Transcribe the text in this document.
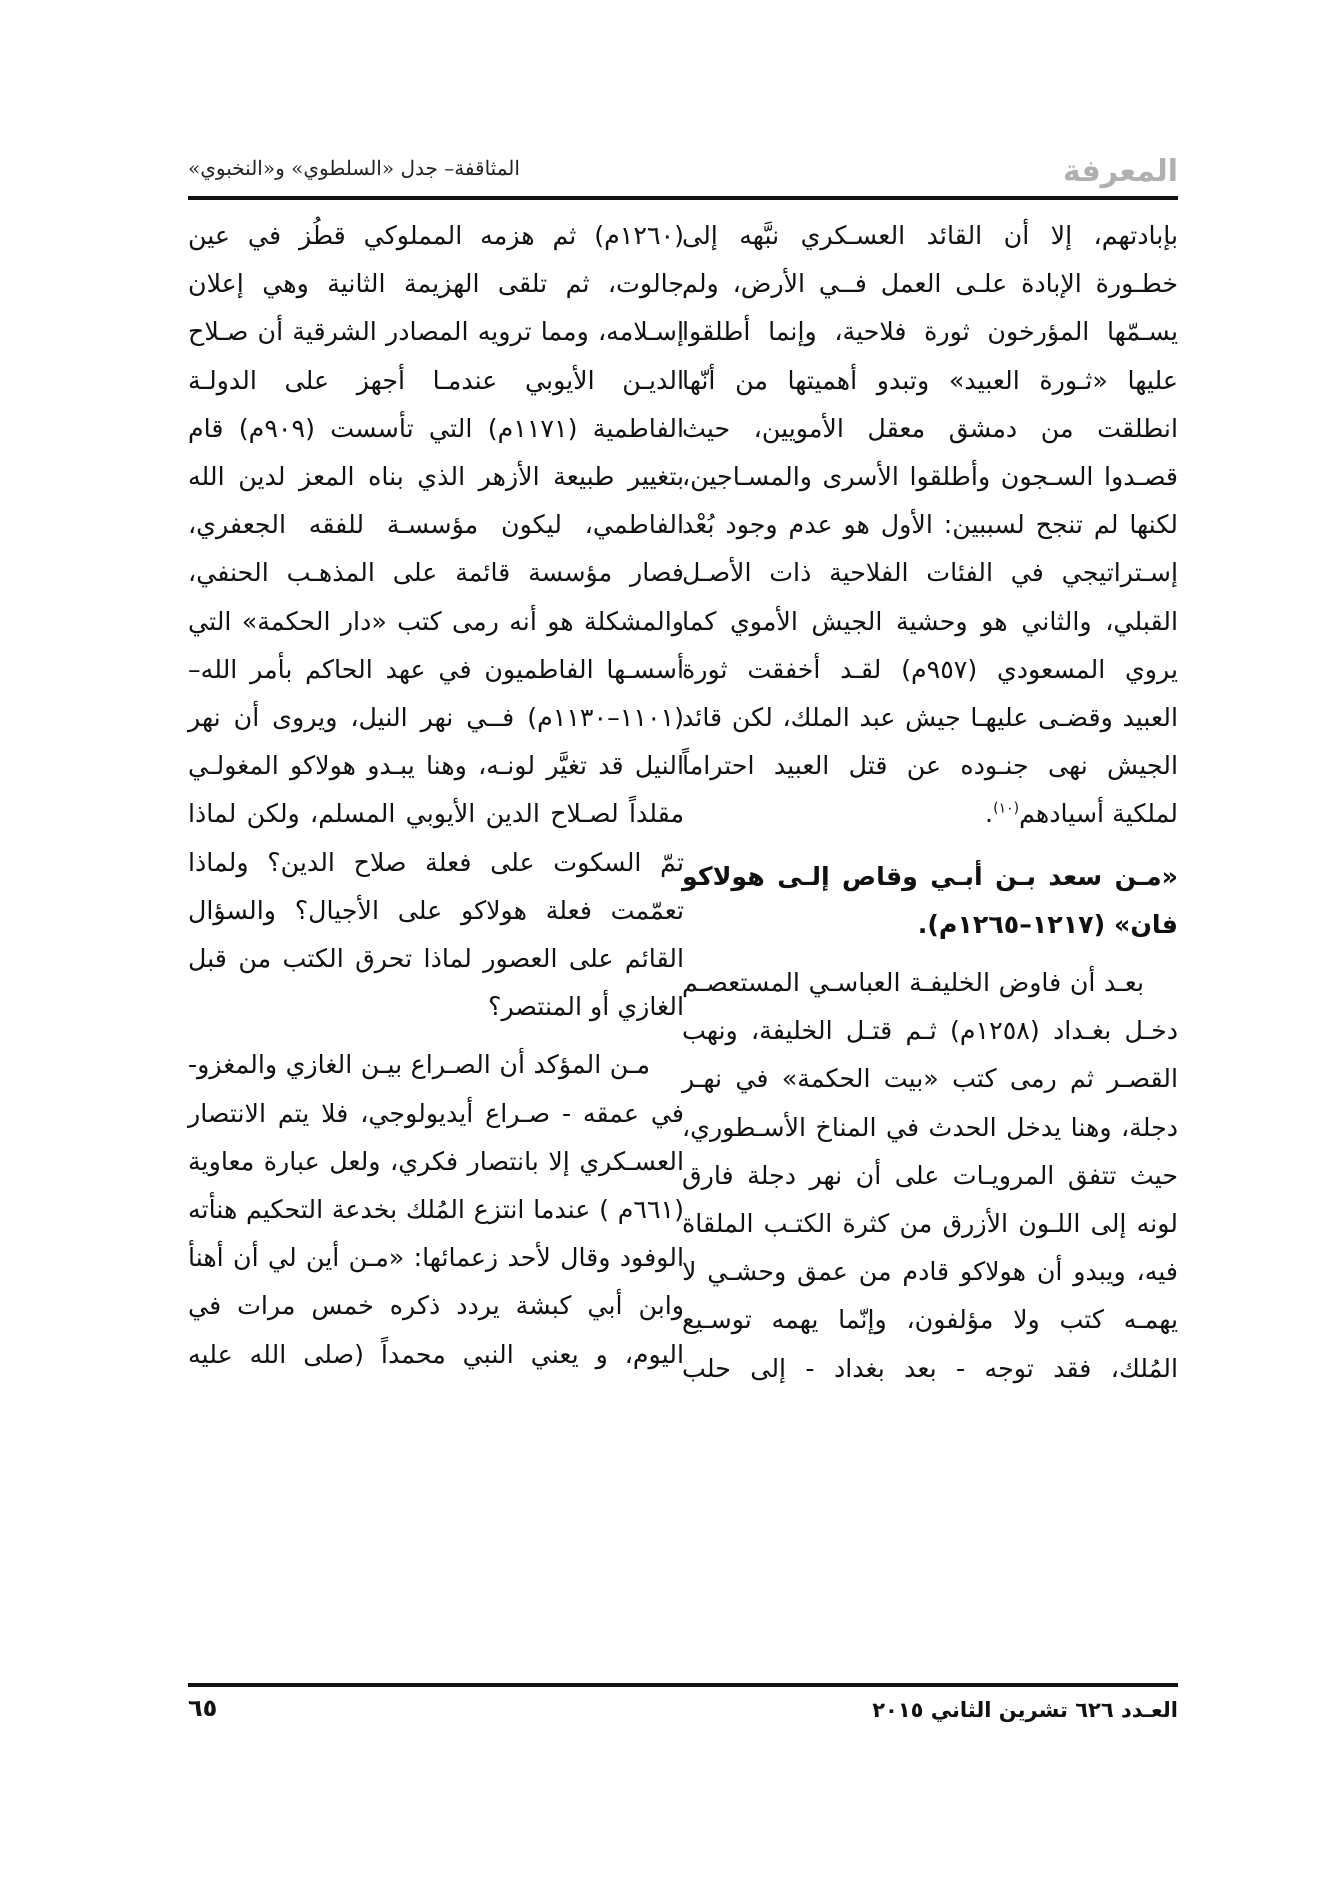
المعرفة
المثاقفة– جدل «السلطوي» و«النخبوي»

بإبادتهم، إلا أن القائد العسـكري نبَّهه إلى خطـورة الإبادة علـى العمل فــي الأرض، ولم يسـمّها المؤرخون ثورة فلاحية، وإنما أطلقوا عليها «ثـورة العبيد» وتبدو أهميتها من أنّها انطلقت من دمشق معقل الأمويين، حيث قصـدوا السـجون وأطلقوا الأسرى والمسـاجين، لكنها لم تنجح لسببين: الأول هو عدم وجود بُعْد إسـتراتيجي في الفئات الفلاحية ذات الأصـل القبلي، والثاني هو وحشية الجيش الأموي كما يروي المسعودي (٩٥٧م) لقـد أخفقت ثورة العبيد وقضـى عليهـا جيش عبد الملك، لكن قائد الجيش نهى جنـوده عن قتل العبيد احتراماً لملكية أسيادهم$^{(١٠)}$.

«مـن سعد بـن أبـي وقاص إلـى هولاكو فان» (١٢١٧–١٢٦٥م).

بعـد أن فاوض الخليفـة العباسـي المستعصـم دخـل بغـداد (١٢٥٨م) ثـم قتـل الخليفة، ونهب القصـر ثم رمى كتب «بيت الحكمة» في نهـر دجلة، وهنا يدخل الحدث في المناخ الأسـطوري، حيث تتفق المرويـات على أن نهر دجلة فارق لونه إلى اللـون الأزرق من كثرة الكتـب الملقاة فيه، ويبدو أن هولاكو قادم من عمق وحشـي لا يهمـه كتب ولا مؤلفون، وإنّما يهمه توسـيع المُلك، فقد توجه - بعد بغداد - إلى حلب

(١٢٦٠م) ثم هزمه المملوكي قطُز في عين جالوت، ثم تلقى الهزيمة الثانية وهي إعلان إسـلامه، ومما ترويه المصادر الشرقية أن صـلاح الديـن الأيوبي عندمـا أجهز على الدولـة الفاطمية (١١٧١م) التي تأسست (٩٠٩م) قام بتغيير طبيعة الأزهر الذي بناه المعز لدين الله الفاطمي، ليكون مؤسسـة للفقه الجعفري، فصار مؤسسة قائمة على المذهـب الحنفي، والمشكلة هو أنه رمى كتب «دار الحكمة» التي أسسـها الفاطميون في عهد الحاكم بأمر الله– (١١٠١–١١٣٠م) فــي نهر النيل، ويروى أن نهر النيل قد تغيَّر لونـه، وهنا يبـدو هولاكو المغولـي مقلداً لصـلاح الدين الأيوبي المسلم، ولكن لماذا تمّ السكوت على فعلة صلاح الدين؟ ولماذا تعمّمت فعلة هولاكو على الأجيال؟ والسؤال القائم على العصور لماذا تحرق الكتب من قبل الغازي أو المنتصر؟

مـن المؤكد أن الصـراع بيـن الغازي والمغزو- في عمقه - صـراع أيديولوجي، فلا يتم الانتصار العسـكري إلا بانتصار فكري، ولعل عبارة معاوية (٦٦١م ) عندما انتزع المُلك بخدعة التحكيم هنأته الوفود وقال لأحد زعمائها: «مـن أين لي أن أهنأ وابن أبي كبشة يردد ذكره خمس مرات في اليوم، و يعني النبي محمداً (صلى الله عليه

العـدد ٦٢٦ تشرين الثاني ٢٠١٥
٦٥
